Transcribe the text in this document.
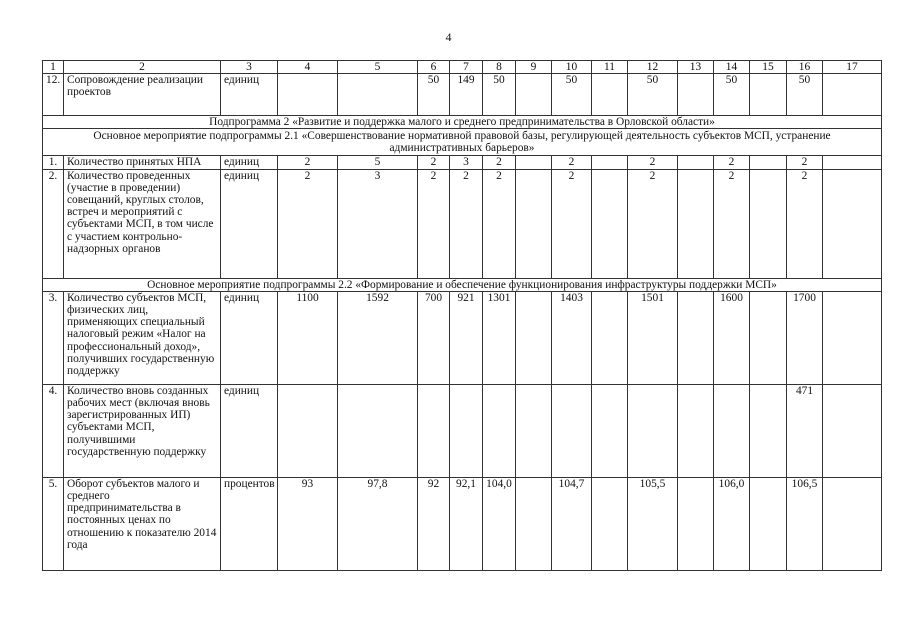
4
1	2	3	4	5	6	7	8	9	10	11	12	13	14	15	16	17
12.	Сопровождение реализации проектов	единиц			50	149	50		50		50		50		50	
Подпрограмма 2 «Развитие и поддержка малого и среднего предпринимательства в Орловской области»																
Основное мероприятие подпрограммы 2.1 «Совершенствование нормативной правовой базы, регулирующей деятельность субъектов МСП, устранение административных барьеров»																
1.	Количество принятых НПА	единиц	2	5	2	3	2		2		2		2		2	
2.	Количество проведенных (участие в проведении) совещаний, круглых столов, встреч и мероприятий с субъектами МСП, в том числе с участием контрольно-надзорных органов	единиц	2	3	2	2	2		2		2		2		2	
Основное мероприятие подпрограммы 2.2 «Формирование и обеспечение функционирования инфраструктуры поддержки МСП»																
3.	Количество субъектов МСП, физических лиц, применяющих специальный налоговый режим «Налог на профессиональный доход», получивших государственную поддержку	единиц	1100	1592	700	921	1301		1403		1501		1600		1700	
4.	Количество вновь созданных рабочих мест (включая вновь зарегистрированных ИП) субъектами МСП, получившими государственную поддержку	единиц													471	
5.	Оборот субъектов малого и среднего предпринимательства в постоянных ценах по отношению к показателю 2014 года	процентов	93	97,8	92	92,1	104,0		104,7		105,5		106,0		106,5	
